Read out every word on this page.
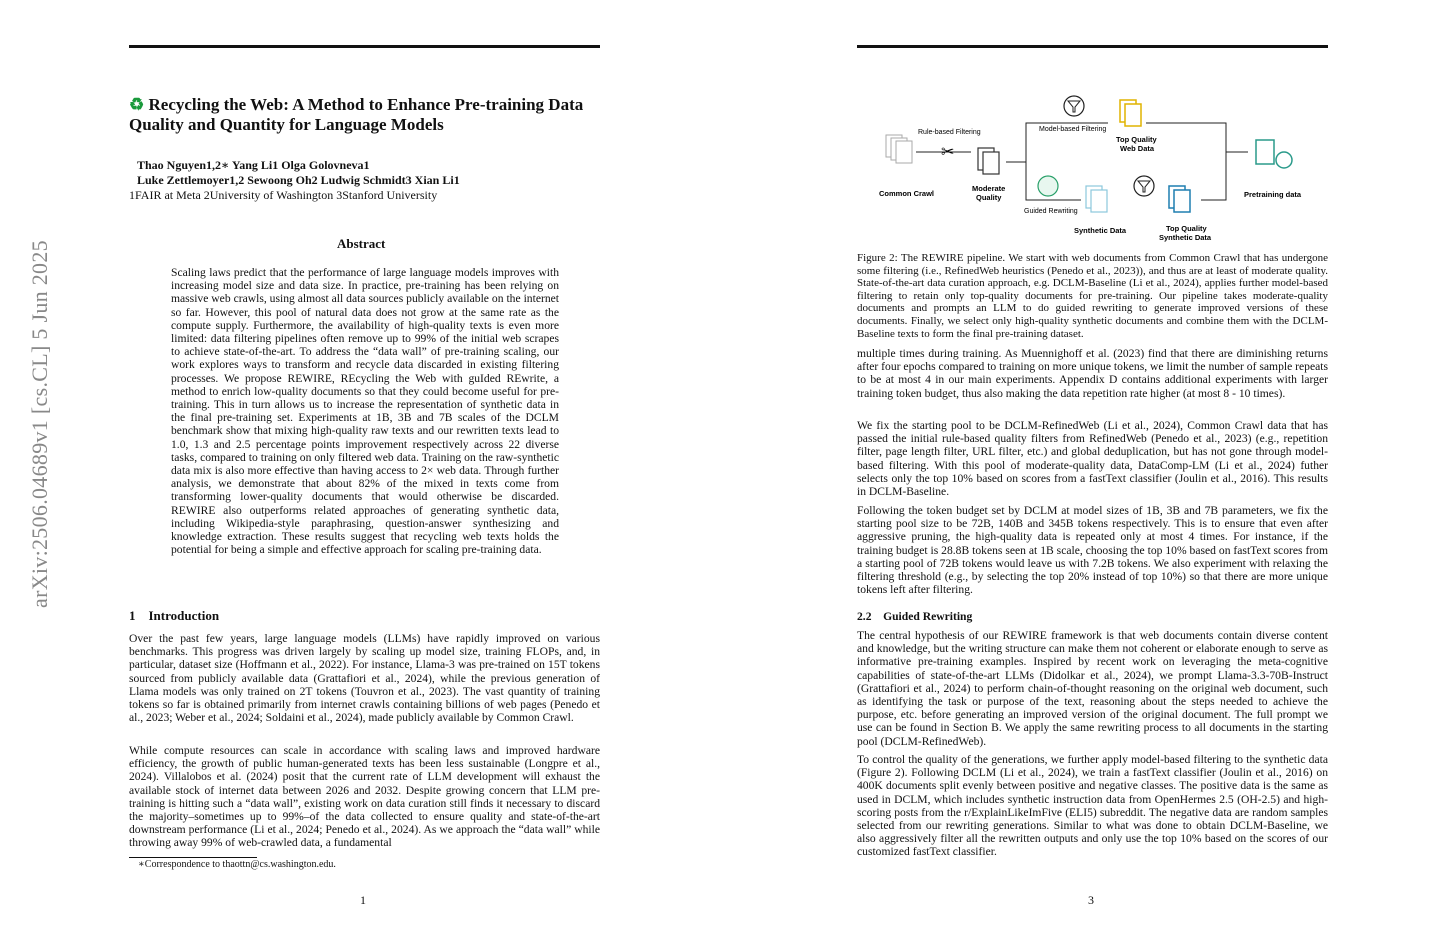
arXiv:2506.04689v1 [cs.CL] 5 Jun 2025
♻ Recycling the Web: A Method to Enhance Pre-training Data Quality and Quantity for Language Models
Thao Nguyen1,2∗ Yang Li1 Olga Golovneva1
Luke Zettlemoyer1,2 Sewoong Oh2 Ludwig Schmidt3 Xian Li1
1FAIR at Meta 2University of Washington 3Stanford University
Abstract
Scaling laws predict that the performance of large language models improves with increasing model size and data size. In practice, pre-training has been relying on massive web crawls, using almost all data sources publicly available on the internet so far. However, this pool of natural data does not grow at the same rate as the compute supply. Furthermore, the availability of high-quality texts is even more limited: data filtering pipelines often remove up to 99% of the initial web scrapes to achieve state-of-the-art. To address the “data wall” of pre-training scaling, our work explores ways to transform and recycle data discarded in existing filtering processes. We propose REWIRE, REcycling the Web with guIded REwrite, a method to enrich low-quality documents so that they could become useful for pre-training. This in turn allows us to increase the representation of synthetic data in the final pre-training set. Experiments at 1B, 3B and 7B scales of the DCLM benchmark show that mixing high-quality raw texts and our rewritten texts lead to 1.0, 1.3 and 2.5 percentage points improvement respectively across 22 diverse tasks, compared to training on only filtered web data. Training on the raw-synthetic data mix is also more effective than having access to 2× web data. Through further analysis, we demonstrate that about 82% of the mixed in texts come from transforming lower-quality documents that would otherwise be discarded. REWIRE also outperforms related approaches of generating synthetic data, including Wikipedia-style paraphrasing, question-answer synthesizing and knowledge extraction. These results suggest that recycling web texts holds the potential for being a simple and effective approach for scaling pre-training data.
1    Introduction
Over the past few years, large language models (LLMs) have rapidly improved on various benchmarks. This progress was driven largely by scaling up model size, training FLOPs, and, in particular, dataset size (Hoffmann et al., 2022). For instance, Llama-3 was pre-trained on 15T tokens sourced from publicly available data (Grattafiori et al., 2024), while the previous generation of Llama models was only trained on 2T tokens (Touvron et al., 2023). The vast quantity of training tokens so far is obtained primarily from internet crawls containing billions of web pages (Penedo et al., 2023; Weber et al., 2024; Soldaini et al., 2024), made publicly available by Common Crawl.
While compute resources can scale in accordance with scaling laws and improved hardware efficiency, the growth of public human-generated texts has been less sustainable (Longpre et al., 2024). Villalobos et al. (2024) posit that the current rate of LLM development will exhaust the available stock of internet data between 2026 and 2032. Despite growing concern that LLM pre-training is hitting such a “data wall”, existing work on data curation still finds it necessary to discard the majority–sometimes up to 99%–of the data collected to ensure quality and state-of-the-art downstream performance (Li et al., 2024; Penedo et al., 2024). As we approach the “data wall” while throwing away 99% of web-crawled data, a fundamental
∗Correspondence to thaottn@cs.washington.edu.
1
Common Crawl
✂
Rule-based Filtering
Moderate
Quality
Model-based Filtering
Top Quality
Web Data
Guided Rewriting
Synthetic Data	Top Quality
Synthetic Data
Pretraining data
Figure 2: The REWIRE pipeline. We start with web documents from Common Crawl that has undergone some filtering (i.e., RefinedWeb heuristics (Penedo et al., 2023)), and thus are at least of moderate quality. State-of-the-art data curation approach, e.g. DCLM-Baseline (Li et al., 2024), applies further model-based filtering to retain only top-quality documents for pre-training. Our pipeline takes moderate-quality documents and prompts an LLM to do guided rewriting to generate improved versions of these documents. Finally, we select only high-quality synthetic documents and combine them with the DCLM-Baseline texts to form the final pre-training dataset.
multiple times during training. As Muennighoff et al. (2023) find that there are diminishing returns after four epochs compared to training on more unique tokens, we limit the number of sample repeats to be at most 4 in our main experiments. Appendix D contains additional experiments with larger training token budget, thus also making the data repetition rate higher (at most 8 - 10 times).
We fix the starting pool to be DCLM-RefinedWeb (Li et al., 2024), Common Crawl data that has passed the initial rule-based quality filters from RefinedWeb (Penedo et al., 2023) (e.g., repetition filter, page length filter, URL filter, etc.) and global deduplication, but has not gone through model-based filtering. With this pool of moderate-quality data, DataComp-LM (Li et al., 2024) futher selects only the top 10% based on scores from a fastText classifier (Joulin et al., 2016). This results in DCLM-Baseline.
Following the token budget set by DCLM at model sizes of 1B, 3B and 7B parameters, we fix the starting pool size to be 72B, 140B and 345B tokens respectively. This is to ensure that even after aggressive pruning, the high-quality data is repeated only at most 4 times. For instance, if the training budget is 28.8B tokens seen at 1B scale, choosing the top 10% based on fastText scores from a starting pool of 72B tokens would leave us with 7.2B tokens. We also experiment with relaxing the filtering threshold (e.g., by selecting the top 20% instead of top 10%) so that there are more unique tokens left after filtering.
2.2    Guided Rewriting
The central hypothesis of our REWIRE framework is that web documents contain diverse content and knowledge, but the writing structure can make them not coherent or elaborate enough to serve as informative pre-training examples. Inspired by recent work on leveraging the meta-cognitive capabilities of state-of-the-art LLMs (Didolkar et al., 2024), we prompt Llama-3.3-70B-Instruct (Grattafiori et al., 2024) to perform chain-of-thought reasoning on the original web document, such as identifying the task or purpose of the text, reasoning about the steps needed to achieve the purpose, etc. before generating an improved version of the original document. The full prompt we use can be found in Section B. We apply the same rewriting process to all documents in the starting pool (DCLM-RefinedWeb).
To control the quality of the generations, we further apply model-based filtering to the synthetic data (Figure 2). Following DCLM (Li et al., 2024), we train a fastText classifier (Joulin et al., 2016) on 400K documents split evenly between positive and negative classes. The positive data is the same as used in DCLM, which includes synthetic instruction data from OpenHermes 2.5 (OH-2.5) and high-scoring posts from the r/ExplainLikeImFive (ELI5) subreddit. The negative data are random samples selected from our rewriting generations. Similar to what was done to obtain DCLM-Baseline, we also aggressively filter all the rewritten outputs and only use the top 10% based on the scores of our customized fastText classifier.
3
